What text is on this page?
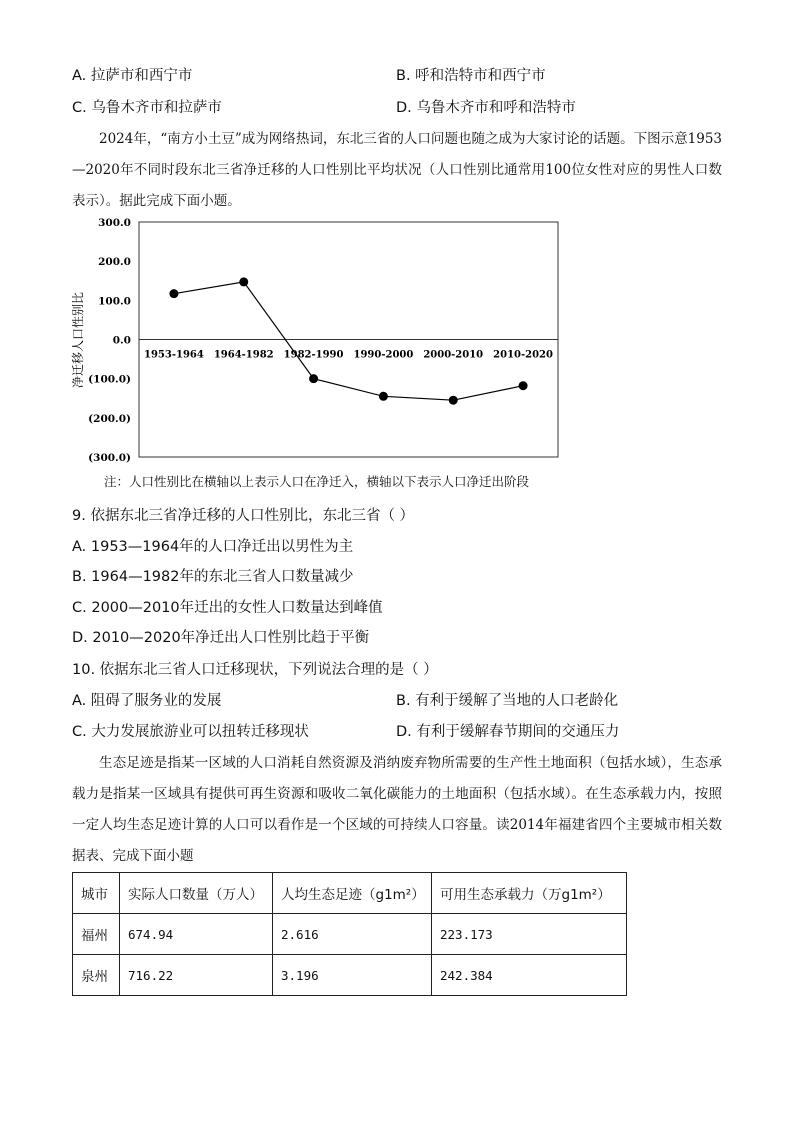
A. 拉萨市和西宁市	B. 呼和浩特市和西宁市
C. 乌鲁木齐市和拉萨市	D. 乌鲁木齐市和呼和浩特市
2024年，“南方小土豆”成为网络热词，东北三省的人口问题也随之成为大家讨论的话题。下图示意1953—2020年不同时段东北三省净迁移的人口性别比平均状况（人口性别比通常用100位女性对应的男性人口数表示）。据此完成下面小题。
300.0
200.0
100.0
0.0
(100.0)
(200.0)
(300.0)
1953-1964 1964-1982 1982-1990 1990-2000 2000-2010 2010-2020
净迁移人口性别比
注：人口性别比在横轴以上表示人口在净迁入，横轴以下表示人口净迁出阶段
9. 依据东北三省净迁移的人口性别比，东北三省（ ）
A. 1953—1964年的人口净迁出以男性为主
B. 1964—1982年的东北三省人口数量减少
C. 2000—2010年迁出的女性人口数量达到峰值
D. 2010—2020年净迁出人口性别比趋于平衡
10. 依据东北三省人口迁移现状，下列说法合理的是（ ）
A. 阻碍了服务业的发展	B. 有利于缓解了当地的人口老龄化
C. 大力发展旅游业可以扭转迁移现状	D. 有利于缓解春节期间的交通压力
生态足迹是指某一区域的人口消耗自然资源及消纳废弃物所需要的生产性土地面积（包括水域），生态承载力是指某一区域具有提供可再生资源和吸收二氧化碳能力的土地面积（包括水域）。在生态承载力内，按照一定人均生态足迹计算的人口可以看作是一个区域的可持续人口容量。读2014年福建省四个主要城市相关数据表、完成下面小题
城市	实际人口数量（万人）	人均生态足迹（g1m²）	可用生态承载力（万g1m²）
福州	674.94	2.616	223.173
泉州	716.22	3.196	242.384
